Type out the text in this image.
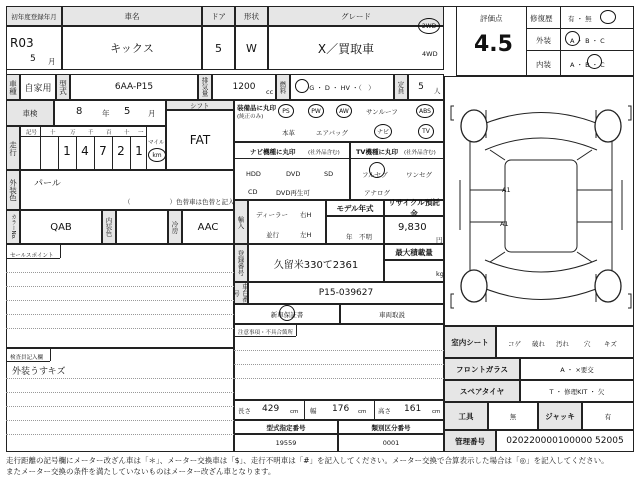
初年度登録年月
R03
5 月
車名
キックス
ドア
5
形状
W
グレード
X／買取車
2WD
4WD
評価点
4.5
修復歴 有 ・ 無
外装	A ・ B ・ C
内装	A ・ B ・ C
車種 自家用 型式	6AA-P15	排気量	1200	cc 燃料	G ・ D ・ HV ・（　）	定員	5	人
車検	8	年 5 月
シフト
FAT
走行
記号 十	万 千 百 十 一
1 4 7 2 1
マイル
km
外装色 パール
（　　　　　　）色替車は色替と記入
カラーNo.	QAB	内装色	冷房	AAC
セールスポイント
検査員記入欄
外装うすキズ
装備品に丸印
(純正のみ)
PS	PW	AW	サンルーフ	ABS
本革	エアバッグ	ナビ	TV
ナビ機種に丸印 (社外品含む)
HDD	DVD	SD
CD	DVD再生可
TV機種に丸印 (社外品含む)
フルセグ	ワンセグ
アナログ
輸入
ディーラー 右H
並行	左H
モデル年式
年　不明
リサイクル預託金
9,830
円
登録番号	久留米330て2361
最大積載量
kg
車台番号	P15-039627
新車保証書	車両取説
注意事項・不具合箇所
長さ 429 cm 幅 176 cm 高さ 161 cm
型式指定番号
19559
類別区分番号
0001
A1
A1
室内シート	コゲ 破れ 汚れ 穴 キズ
フロントガラス	A ・ ×要交
スペアタイヤ	T ・ 修理KIT ・ 欠
工具	無	ジャッキ	有
管理番号	020220000100000 52005
走行距離の記号欄にメーター改ざん車は「＊」、メーター交換車は「$」、走行不明車は「#」を記入してください。メーター交換で合算表示した場合は「◎」を記入してください。
またメーター交換の条件を満たしていないものはメーター改ざん車となります。
